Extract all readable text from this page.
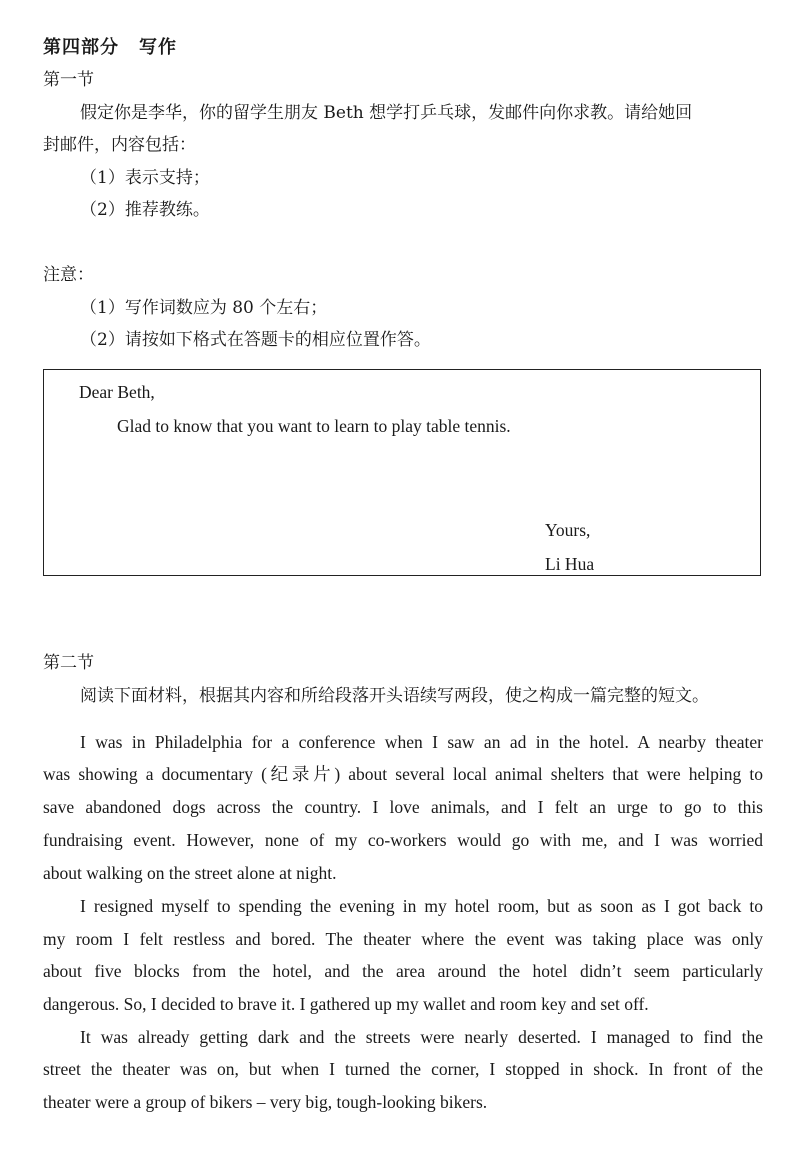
第四部分 写作
第一节
假定你是李华，你的留学生朋友 Beth 想学打乒乓球，发邮件向你求教。请给她回
封邮件，内容包括：
（1）表示支持；
（2）推荐教练。
注意：
（1）写作词数应为 80 个左右；
（2）请按如下格式在答题卡的相应位置作答。
Dear Beth,
Glad to know that you want to learn to play table tennis.
Yours,
Li Hua
第二节
阅读下面材料，根据其内容和所给段落开头语续写两段，使之构成一篇完整的短文。
I was in Philadelphia for a conference when I saw an ad in the hotel. A nearby theater
was showing a documentary (纪录片) about several local animal shelters that were helping to
save abandoned dogs across the country. I love animals, and I felt an urge to go to this
fundraising event. However, none of my co-workers would go with me, and I was worried
about walking on the street alone at night.
I resigned myself to spending the evening in my hotel room, but as soon as I got back to
my room I felt restless and bored. The theater where the event was taking place was only
about five blocks from the hotel, and the area around the hotel didn’t seem particularly
dangerous. So, I decided to brave it. I gathered up my wallet and room key and set off.
It was already getting dark and the streets were nearly deserted. I managed to find the
street the theater was on, but when I turned the corner, I stopped in shock. In front of the
theater were a group of bikers – very big, tough-looking bikers.
